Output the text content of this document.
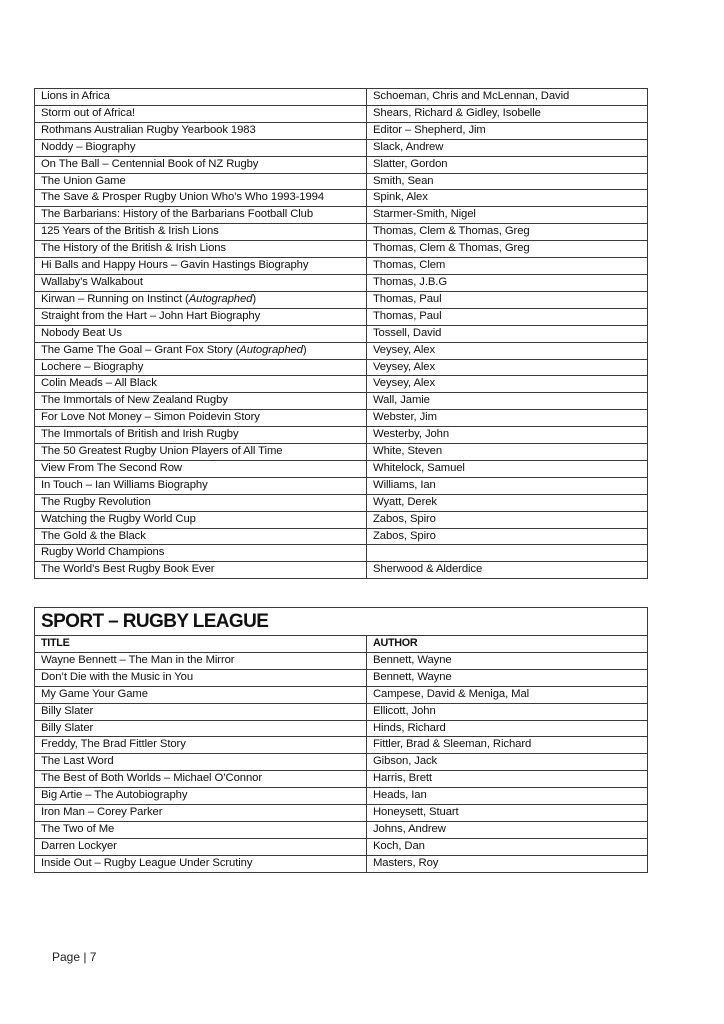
Lions in Africa	Schoeman, Chris and McLennan, David
Storm out of Africa!	Shears, Richard & Gidley, Isobelle
Rothmans Australian Rugby Yearbook 1983	Editor – Shepherd, Jim
Noddy – Biography	Slack, Andrew
On The Ball – Centennial Book of NZ Rugby	Slatter, Gordon
The Union Game	Smith, Sean
The Save & Prosper Rugby Union Who’s Who 1993-1994	Spink, Alex
The Barbarians: History of the Barbarians Football Club	Starmer-Smith, Nigel
125 Years of the British & Irish Lions	Thomas, Clem & Thomas, Greg
The History of the British & Irish Lions	Thomas, Clem & Thomas, Greg
Hi Balls and Happy Hours – Gavin Hastings Biography	Thomas, Clem
Wallaby’s Walkabout	Thomas, J.B.G
Kirwan – Running on Instinct (Autographed)	Thomas, Paul
Straight from the Hart – John Hart Biography	Thomas, Paul
Nobody Beat Us	Tossell, David
The Game The Goal – Grant Fox Story (Autographed)	Veysey, Alex
Lochere – Biography	Veysey, Alex
Colin Meads – All Black	Veysey, Alex
The Immortals of New Zealand Rugby	Wall, Jamie
For Love Not Money – Simon Poidevin Story	Webster, Jim
The Immortals of British and Irish Rugby	Westerby, John
The 50 Greatest Rugby Union Players of All Time	White, Steven
View From The Second Row	Whitelock, Samuel
In Touch – Ian Williams Biography	Williams, Ian
The Rugby Revolution	Wyatt, Derek
Watching the Rugby World Cup	Zabos, Spiro
The Gold & the Black	Zabos, Spiro
Rugby World Champions	
The World’s Best Rugby Book Ever	Sherwood & Alderdice
SPORT – RUGBY LEAGUE	
TITLE	AUTHOR
Wayne Bennett – The Man in the Mirror	Bennett, Wayne
Don’t Die with the Music in You	Bennett, Wayne
My Game Your Game	Campese, David & Meniga, Mal
Billy Slater	Ellicott, John
Billy Slater	Hinds, Richard
Freddy, The Brad Fittler Story	Fittler, Brad & Sleeman, Richard
The Last Word	Gibson, Jack
The Best of Both Worlds – Michael O’Connor	Harris, Brett
Big Artie – The Autobiography	Heads, Ian
Iron Man – Corey Parker	Honeysett, Stuart
The Two of Me	Johns, Andrew
Darren Lockyer	Koch, Dan
Inside Out – Rugby League Under Scrutiny	Masters, Roy
Page | 7
